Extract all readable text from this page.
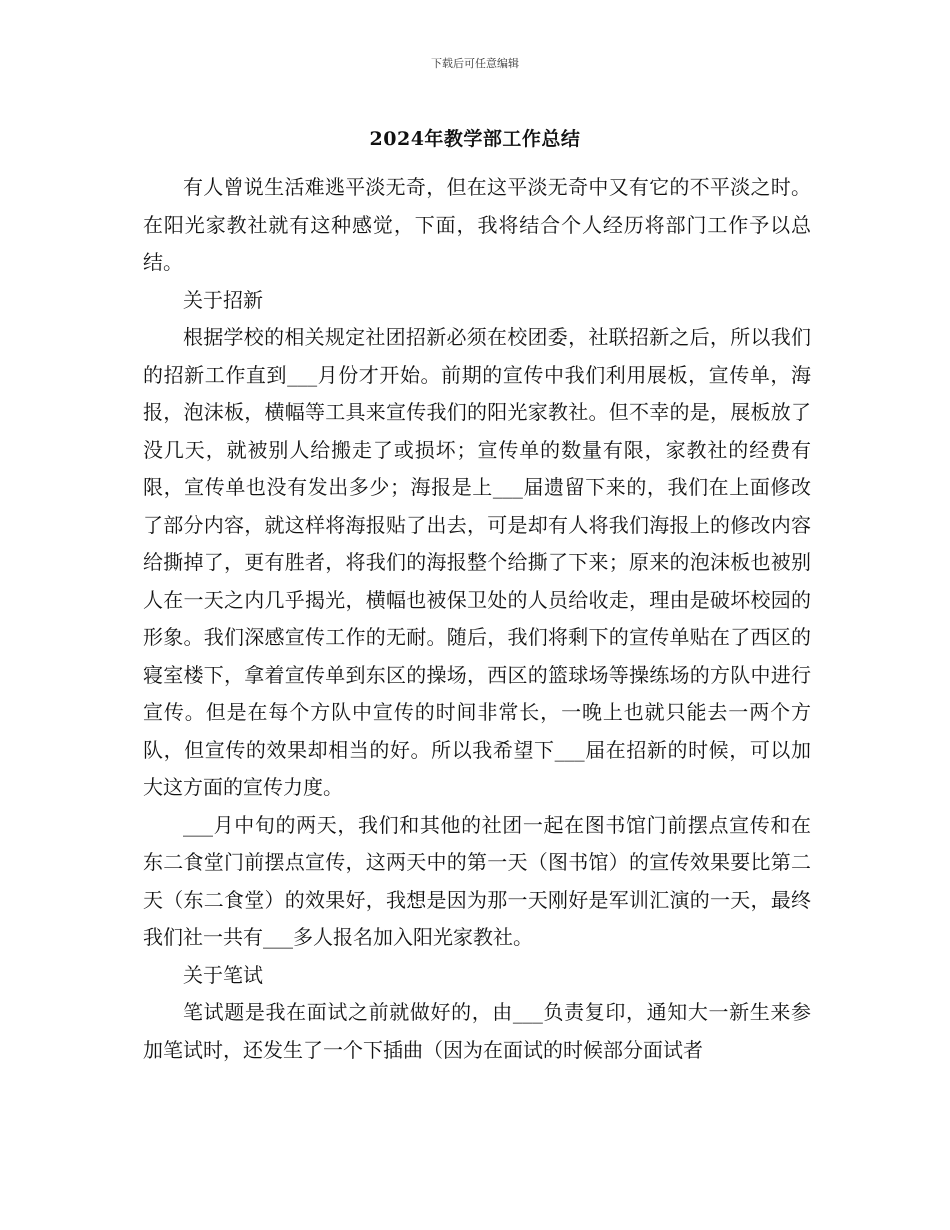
下载后可任意编辑
2024年教学部工作总结

有人曾说生活难逃平淡无奇，但在这平淡无奇中又有它的不平淡之时。在阳光家教社就有这种感觉，下面，我将结合个人经历将部门工作予以总结。

关于招新

根据学校的相关规定社团招新必须在校团委，社联招新之后，所以我们的招新工作直到___月份才开始。前期的宣传中我们利用展板，宣传单，海报，泡沫板，横幅等工具来宣传我们的阳光家教社。但不幸的是，展板放了没几天，就被别人给搬走了或损坏；宣传单的数量有限，家教社的经费有限，宣传单也没有发出多少；海报是上___届遗留下来的，我们在上面修改了部分内容，就这样将海报贴了出去，可是却有人将我们海报上的修改内容给撕掉了，更有胜者，将我们的海报整个给撕了下来；原来的泡沫板也被别人在一天之内几乎揭光，横幅也被保卫处的人员给收走，理由是破坏校园的形象。我们深感宣传工作的无耐。随后，我们将剩下的宣传单贴在了西区的寝室楼下，拿着宣传单到东区的操场，西区的篮球场等操练场的方队中进行宣传。但是在每个方队中宣传的时间非常长，一晚上也就只能去一两个方队，但宣传的效果却相当的好。所以我希望下___届在招新的时候，可以加大这方面的宣传力度。

___月中旬的两天，我们和其他的社团一起在图书馆门前摆点宣传和在东二食堂门前摆点宣传，这两天中的第一天（图书馆）的宣传效果要比第二天（东二食堂）的效果好，我想是因为那一天刚好是军训汇演的一天，最终我们社一共有___多人报名加入阳光家教社。

关于笔试

笔试题是我在面试之前就做好的，由___负责复印，通知大一新生来参加笔试时，还发生了一个下插曲（因为在面试的时候部分面试者
